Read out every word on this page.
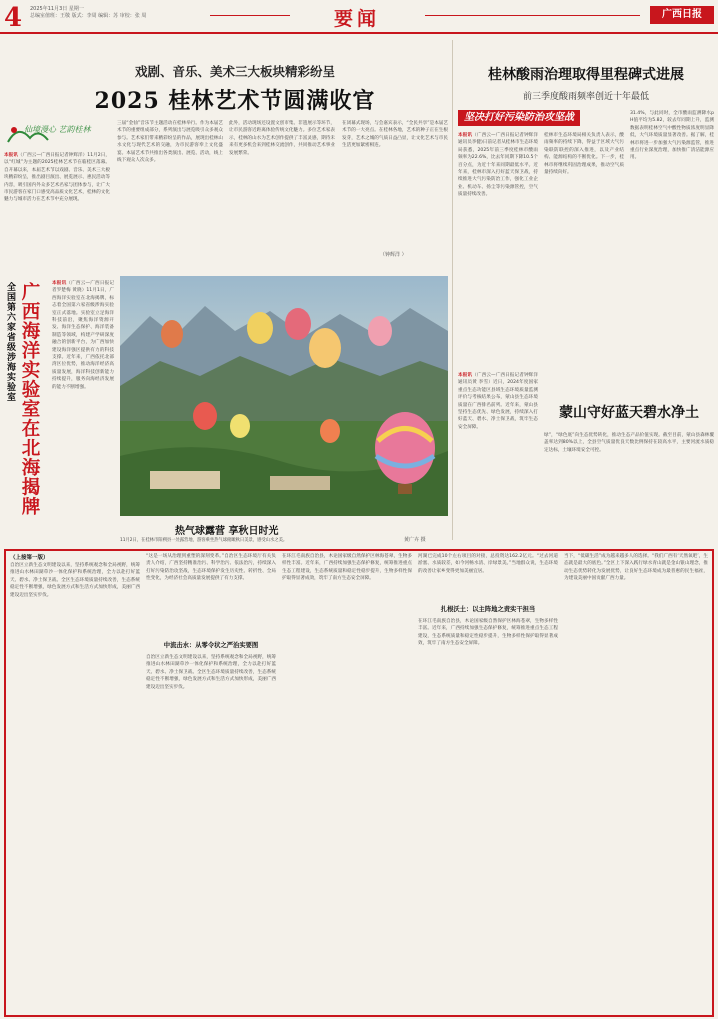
4 2025年11月3日 星期一
总编室值班：王敬 版式：李周 编辑：苏 审校：张 周	要闻	广西日报
戏剧、音乐、美术三大板块精彩纷呈
2025 桂林艺术节圆满收官
仙境漫心 艺韵桂林
本报讯（广西云—广西日报记者钟辉洋）11月2日，以“红城”为主题的2025桂林艺术节在临桂区落幕。自开幕以来，本届艺术节以戏剧、音乐、美术三大板块精彩纷呈，推出剧目演出、展览展示、惠民活动等内容，吸引国内外众多艺术名家与团体参与，让广大市民游客在家门口感受高品质文化艺术，桂林的文化魅力与城市活力在艺术节中充分展现。
三届“金仙”音乐节主题活动在桂林举行。作为本届艺术节的重要组成部分，系列演出与展览吸引众多观众参与。艺术家们带来精彩纷呈的作品，展现出桂林山水文化与现代艺术的交融，为市民游客奉上文化盛宴。本届艺术节共推出各类演出、展览、活动，线上线下观众人次众多。
此外，活动现场还设置文创市集、非遗展示等环节，让市民游客近距离体验传统文化魅力。多位艺术家表示，桂林的山水为艺术创作提供了丰富灵感，期待未来有更多机会来到桂林交流创作，共同推动艺术事业发展繁荣。
在闭幕式现场，与会嘉宾表示，“全民共享”是本届艺术节的一大亮点。在桂林各地，艺术的种子正在生根发芽，艺术之城的气质日益凸显，让文化艺术与市民生活更加紧密相连。
（钟辉洋 ）
全国第六家省级涉海实验室 广西海洋实验室在北海揭牌	本报讯（广西云—广西日报记者罗楚梅 黄晓）11月1日，广西海洋实验室在北海揭牌，标志着全国第六家省级涉海实验室正式落地。实验室立足海洋科技前沿，聚焦海洋资源开发、海洋生态保护、海洋装备制造等领域，构建产学研深度融合的创新平台，为广西加快建设海洋强区提供有力的科技支撑。近年来，广西依托北部湾区位优势，推动海洋经济高质量发展，海洋科技创新能力持续提升，服务向海经济发展的能力不断增强。
热气球露营 享秋日时光
11月2日，在桂林市阳朔县一处露营地，游客乘坐热气球俯瞰秋日美景，感受山水之美。	黄广卉 摄
桂林酸雨治理取得里程碑式进展
前三季度酸雨频率创近十年最低
坚决打好污染防治攻坚战
本报讯（广西云—广西日报记者钟辉洋 通讯员李健)日前记者从桂林市生态环境局获悉，2025年前三季度桂林市酸雨频率为22.6%，比去年同期下降10.5个百分点，为近十年来同期最低水平。近年来，桂林市深入打好蓝天保卫战，持续推进大气污染防治工作，强化工业企业、机动车、扬尘等污染源管控，空气质量持续改善。
桂林市生态环境局相关负责人表示，酸雨频率的持续下降，得益于区域大气污染联防联控的深入推进，以及产业结构、能源结构的不断优化。下一步，桂林市将继续巩固治理成果，推动空气质量持续向好。
31.4%，与此同时，全市酸雨监测降水pH值平均为5.82，较去年同期上升，监测数据表明桂林空气中酸性物质浓度明显降低，大气环境质量显著改善。据了解，桂林市将进一步加强大气污染源监管，推进重点行业深度治理，加快推广清洁能源应用。
蒙山守好蓝天碧水净土
本报讯（广西云—广西日报记者钟辉洋 通讯员黄 李雪）近日，2024年度国家重点生态功能区县域生态环境质量监测评价与考核结果公布，蒙山县生态环境质量在广西排名前列。近年来，蒙山县坚持生态优先、绿色发展，持续深入打好蓝天、碧水、净土保卫战，筑牢生态安全屏障。
绿”，“绿色底”向生态优势转化，推动生态产品价值实现。截至目前，蒙山县森林覆盖率达到80%以上，全县空气质量优良天数比例保持在较高水平，主要河流水质稳定达标，土壤环境安全可控。
（上接第一版）
自治区立新生态文明建设以来，坚持系统观念和全局视野，统筹推进山水林田湖草沙一体化保护和系统治理，全力以赴打好蓝天、碧水、净土保卫战。全区生态环境质量持续改善，生态系统稳定性不断增强，绿色发展方式和生活方式加快形成，美丽广西建设迈出坚实步伐。
“这是一场从治理到重塑的深刻变革。”自治区生态环境厅有关负责人介绍，广西坚持精准治污、科学治污、依法治污，持续深入打好污染防治攻坚战，生态环境保护发生历史性、转折性、全局性变化，为经济社会高质量发展提供了有力支撑。
中流击水：从零令状之严治实要图
自治区立新生态文明建设以来，坚持系统观念和全局视野，统筹推进山水林田湖草沙一体化保护和系统治理，全力以赴打好蓝天、碧水、净土保卫战。全区生态环境质量持续改善，生态系统稳定性不断增强，绿色发展方式和生活方式加快形成，美丽广西建设迈出坚实步伐。
在环江毛南族自治县，木论国家级自然保护区林海苍翠，生物多样性丰富。近年来，广西持续加强生态保护修复，统筹推进重点生态工程建设，生态系统质量和稳定性稳步提升，生物多样性保护取得显著成效，筑牢了南方生态安全屏障。
河湖已完成10个左右项目的对接，总投资达162.2亿元。“过去河道淤塞、水质较差，如今河畅水清、岸绿景美。”当地群众说，生态环境的改善让家乡变得更加美丽宜居。
扎根沃土：以主阵地之责实干担当
在环江毛南族自治县，木论国家级自然保护区林海苍翠，生物多样性丰富。近年来，广西持续加强生态保护修复，统筹推进重点生态工程建设，生态系统质量和稳定性稳步提升，生物多样性保护取得显著成效，筑牢了南方生态安全屏障。
当下，“低碳生活”成为越来越多人的选择。“我们广西有‘天然氧吧’，生态就是最大的底色。”全区上下深入践行绿水青山就是金山银山理念，推动生态优势转化为发展优势，让良好生态环境成为最普惠的民生福祉，为建设美丽中国贡献广西力量。
